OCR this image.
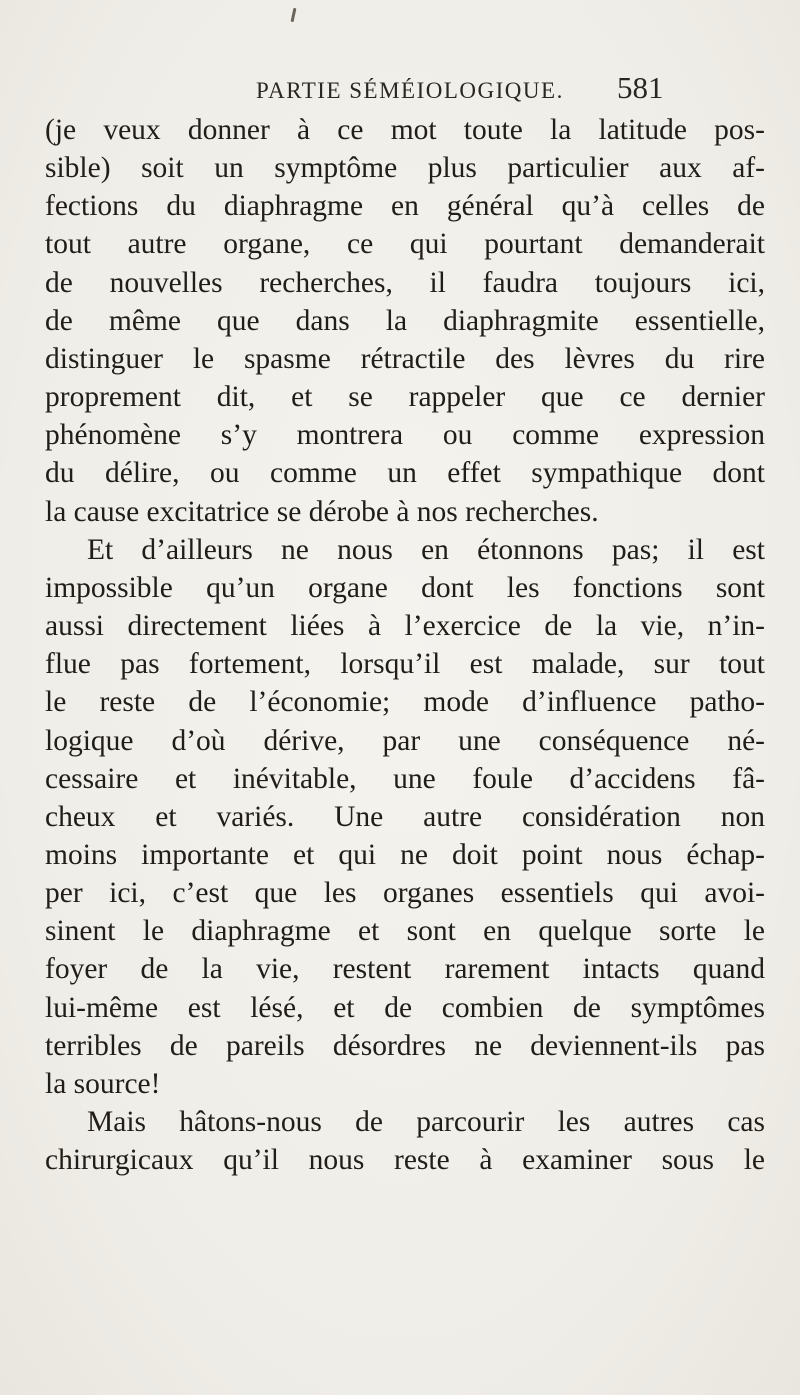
PARTIE SÉMÉIOLOGIQUE. 581
(je veux donner à ce mot toute la latitude pos-
sible) soit un symptôme plus particulier aux af-
fections du diaphragme en général qu’à celles de
tout autre organe, ce qui pourtant demanderait
de nouvelles recherches, il faudra toujours ici,
de même que dans la diaphragmite essentielle,
distinguer le spasme rétractile des lèvres du rire
proprement dit, et se rappeler que ce dernier
phénomène s’y montrera ou comme expression
du délire, ou comme un effet sympathique dont
la cause excitatrice se dérobe à nos recherches.
Et d’ailleurs ne nous en étonnons pas; il est
impossible qu’un organe dont les fonctions sont
aussi directement liées à l’exercice de la vie, n’in-
flue pas fortement, lorsqu’il est malade, sur tout
le reste de l’économie; mode d’influence patho-
logique d’où dérive, par une conséquence né-
cessaire et inévitable, une foule d’accidens fâ-
cheux et variés. Une autre considération non
moins importante et qui ne doit point nous échap-
per ici, c’est que les organes essentiels qui avoi-
sinent le diaphragme et sont en quelque sorte le
foyer de la vie, restent rarement intacts quand
lui-même est lésé, et de combien de symptômes
terribles de pareils désordres ne deviennent-ils pas
la source!
Mais hâtons-nous de parcourir les autres cas
chirurgicaux qu’il nous reste à examiner sous le
